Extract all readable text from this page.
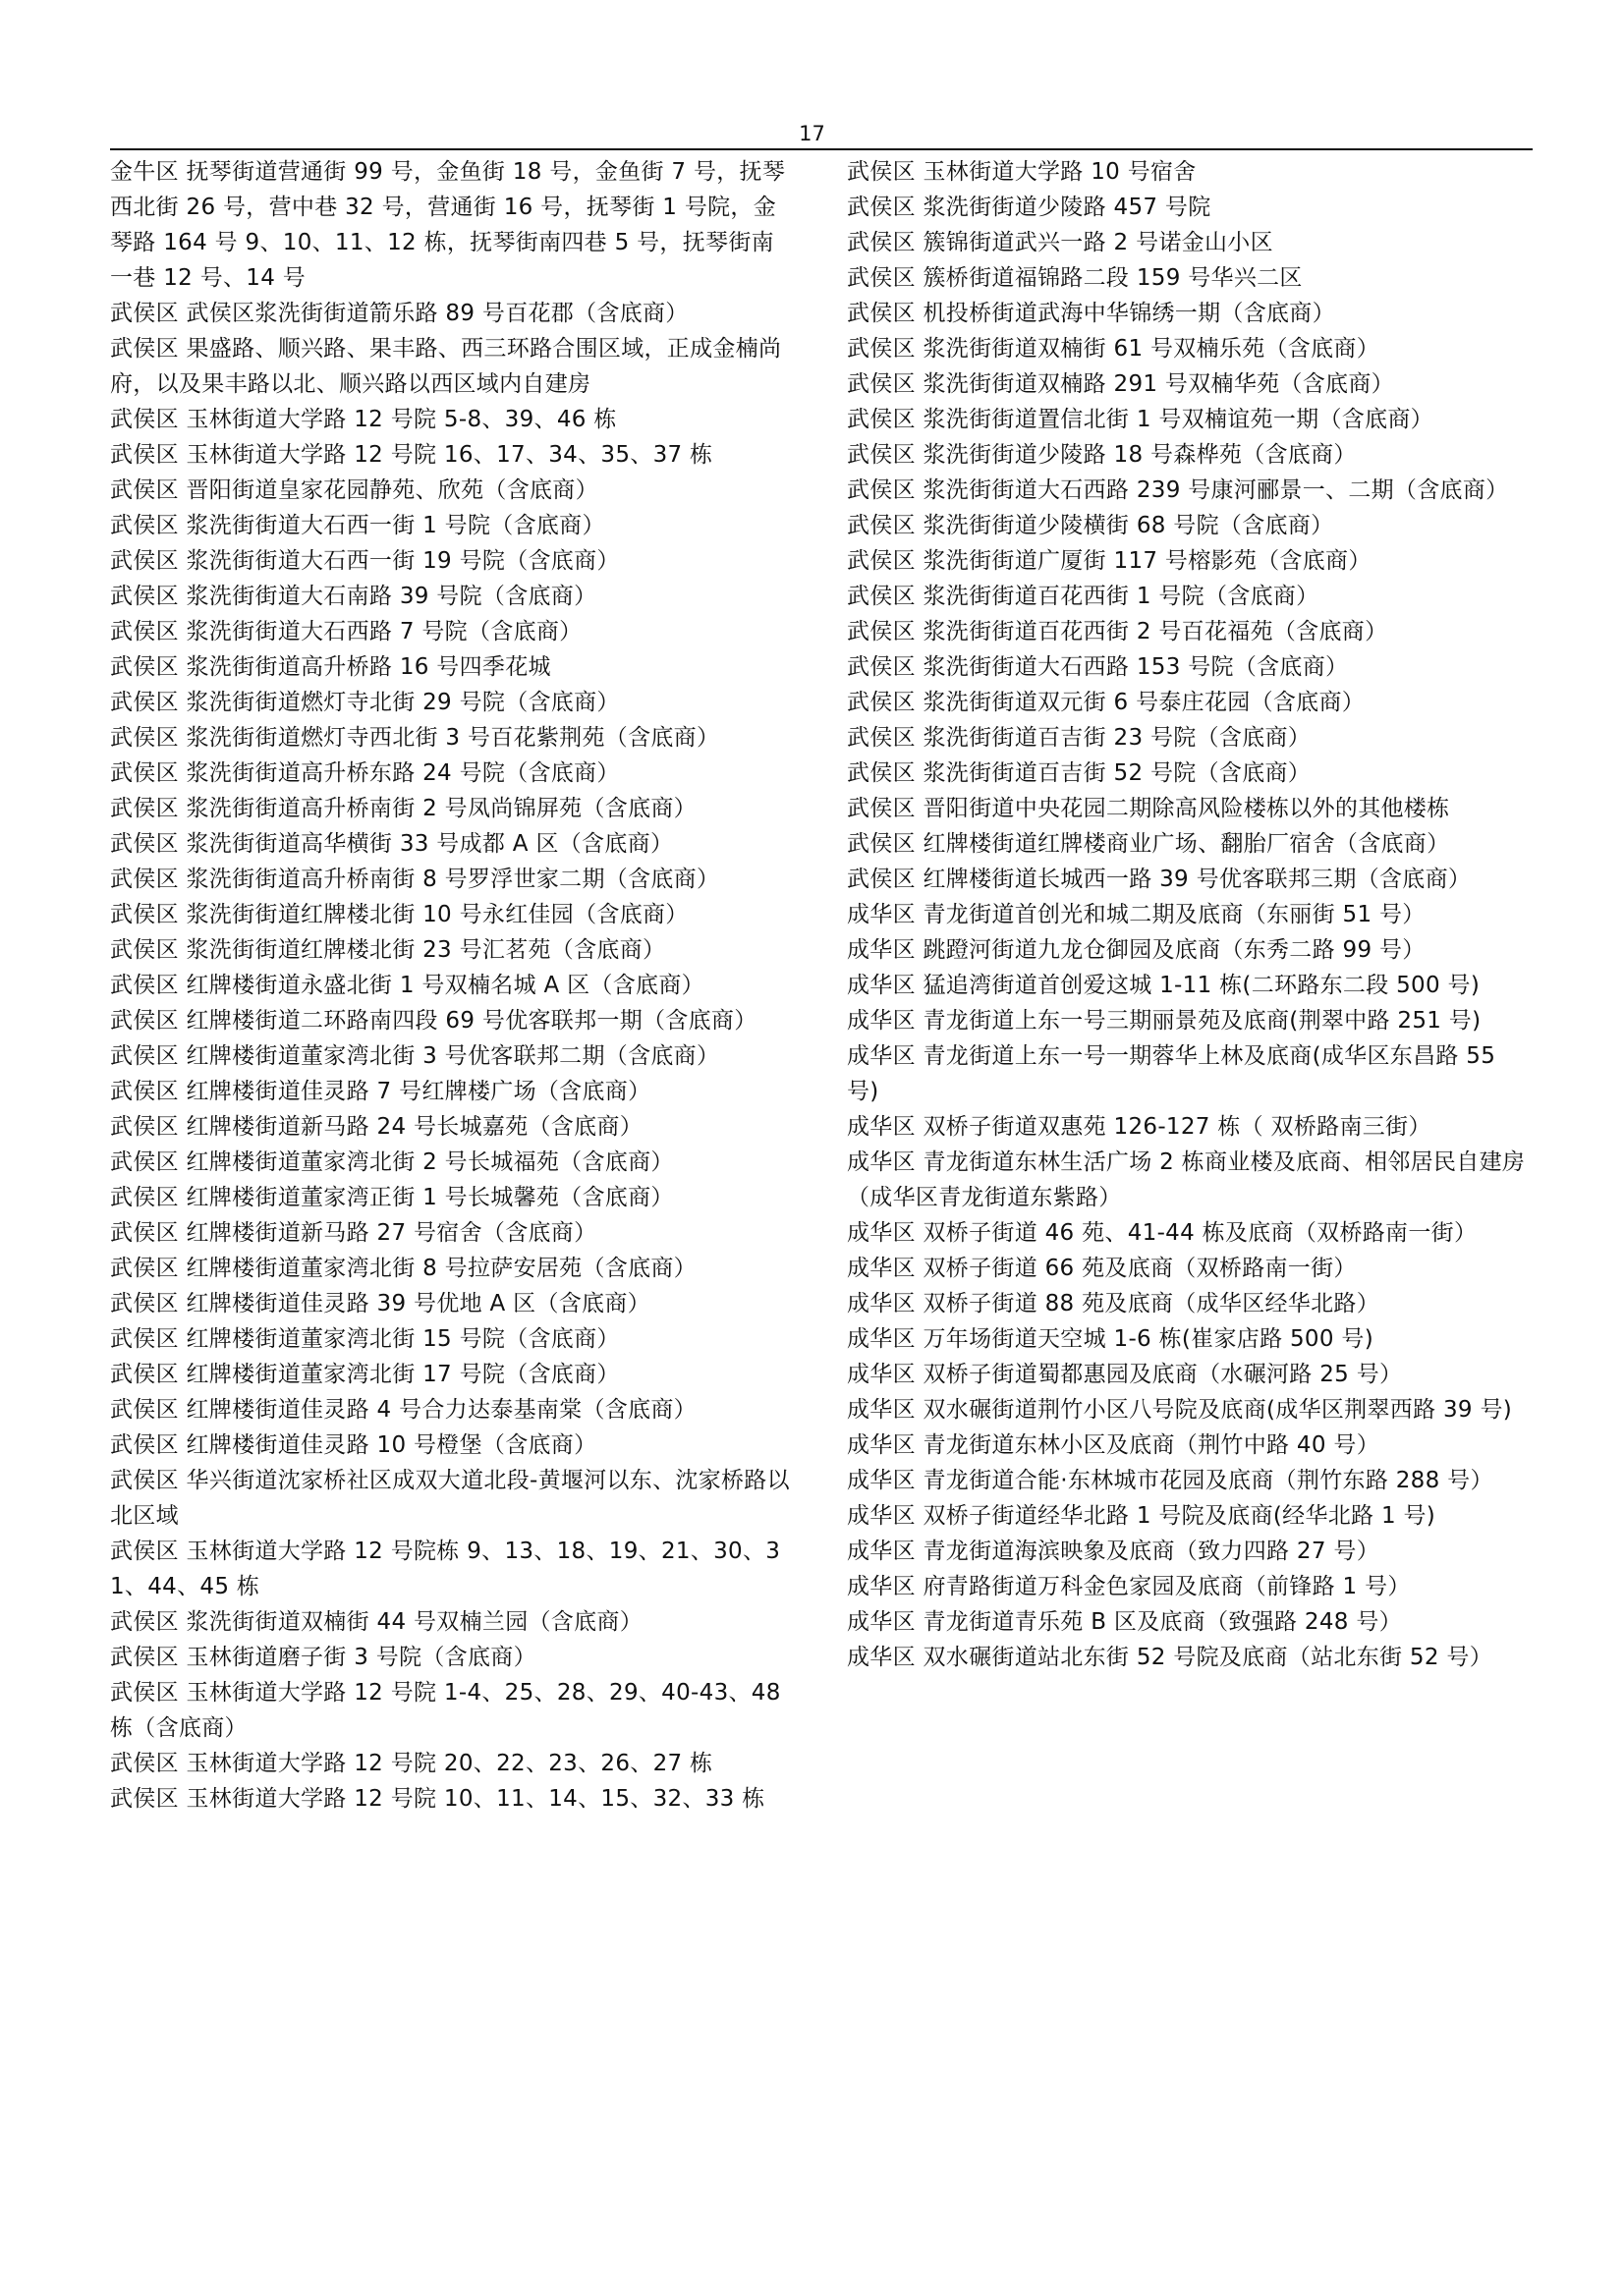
17
金牛区 抚琴街道营通街 99 号，金鱼街 18 号，金鱼街 7 号，抚琴西北街 26 号，营中巷 32 号，营通街 16 号，抚琴街 1 号院，金琴路 164 号 9、10、11、12 栋，抚琴街南四巷 5 号，抚琴街南一巷 12 号、14 号
武侯区 武侯区浆洗街街道箭乐路 89 号百花郡（含底商）
武侯区 果盛路、顺兴路、果丰路、西三环路合围区域，正成金楠尚府，以及果丰路以北、顺兴路以西区域内自建房
武侯区 玉林街道大学路 12 号院 5-8、39、46 栋
武侯区 玉林街道大学路 12 号院 16、17、34、35、37 栋
武侯区 晋阳街道皇家花园静苑、欣苑（含底商）
武侯区 浆洗街街道大石西一街 1 号院（含底商）
武侯区 浆洗街街道大石西一街 19 号院（含底商）
武侯区 浆洗街街道大石南路 39 号院（含底商）
武侯区 浆洗街街道大石西路 7 号院（含底商）
武侯区 浆洗街街道高升桥路 16 号四季花城
武侯区 浆洗街街道燃灯寺北街 29 号院（含底商）
武侯区 浆洗街街道燃灯寺西北街 3 号百花紫荆苑（含底商）
武侯区 浆洗街街道高升桥东路 24 号院（含底商）
武侯区 浆洗街街道高升桥南街 2 号凤尚锦屏苑（含底商）
武侯区 浆洗街街道高华横街 33 号成都 A 区（含底商）
武侯区 浆洗街街道高升桥南街 8 号罗浮世家二期（含底商）
武侯区 浆洗街街道红牌楼北街 10 号永红佳园（含底商）
武侯区 浆洗街街道红牌楼北街 23 号汇茗苑（含底商）
武侯区 红牌楼街道永盛北街 1 号双楠名城 A 区（含底商）
武侯区 红牌楼街道二环路南四段 69 号优客联邦一期（含底商）
武侯区 红牌楼街道董家湾北街 3 号优客联邦二期（含底商）
武侯区 红牌楼街道佳灵路 7 号红牌楼广场（含底商）
武侯区 红牌楼街道新马路 24 号长城嘉苑（含底商）
武侯区 红牌楼街道董家湾北街 2 号长城福苑（含底商）
武侯区 红牌楼街道董家湾正街 1 号长城馨苑（含底商）
武侯区 红牌楼街道新马路 27 号宿舍（含底商）
武侯区 红牌楼街道董家湾北街 8 号拉萨安居苑（含底商）
武侯区 红牌楼街道佳灵路 39 号优地 A 区（含底商）
武侯区 红牌楼街道董家湾北街 15 号院（含底商）
武侯区 红牌楼街道董家湾北街 17 号院（含底商）
武侯区 红牌楼街道佳灵路 4 号合力达泰基南棠（含底商）
武侯区 红牌楼街道佳灵路 10 号橙堡（含底商）
武侯区 华兴街道沈家桥社区成双大道北段-黄堰河以东、沈家桥路以北区域
武侯区 玉林街道大学路 12 号院栋 9、13、18、19、21、30、31、44、45 栋
武侯区 浆洗街街道双楠街 44 号双楠兰园（含底商）
武侯区 玉林街道磨子街 3 号院（含底商）
武侯区 玉林街道大学路 12 号院 1-4、25、28、29、40-43、48 栋（含底商）
武侯区 玉林街道大学路 12 号院 20、22、23、26、27 栋
武侯区 玉林街道大学路 12 号院 10、11、14、15、32、33 栋
武侯区 玉林街道大学路 10 号宿舍
武侯区 浆洗街街道少陵路 457 号院
武侯区 簇锦街道武兴一路 2 号诺金山小区
武侯区 簇桥街道福锦路二段 159 号华兴二区
武侯区 机投桥街道武海中华锦绣一期（含底商）
武侯区 浆洗街街道双楠街 61 号双楠乐苑（含底商）
武侯区 浆洗街街道双楠路 291 号双楠华苑（含底商）
武侯区 浆洗街街道置信北街 1 号双楠谊苑一期（含底商）
武侯区 浆洗街街道少陵路 18 号森桦苑（含底商）
武侯区 浆洗街街道大石西路 239 号康河郦景一、二期（含底商）
武侯区 浆洗街街道少陵横街 68 号院（含底商）
武侯区 浆洗街街道广厦街 117 号榕影苑（含底商）
武侯区 浆洗街街道百花西街 1 号院（含底商）
武侯区 浆洗街街道百花西街 2 号百花福苑（含底商）
武侯区 浆洗街街道大石西路 153 号院（含底商）
武侯区 浆洗街街道双元街 6 号泰庄花园（含底商）
武侯区 浆洗街街道百吉街 23 号院（含底商）
武侯区 浆洗街街道百吉街 52 号院（含底商）
武侯区 晋阳街道中央花园二期除高风险楼栋以外的其他楼栋
武侯区 红牌楼街道红牌楼商业广场、翻胎厂宿舍（含底商）
武侯区 红牌楼街道长城西一路 39 号优客联邦三期（含底商）
成华区 青龙街道首创光和城二期及底商（东丽街 51 号）
成华区 跳蹬河街道九龙仓御园及底商（东秀二路 99 号）
成华区 猛追湾街道首创爱这城 1-11 栋(二环路东二段 500 号)
成华区 青龙街道上东一号三期丽景苑及底商(荆翠中路 251 号)
成华区 青龙街道上东一号一期蓉华上林及底商(成华区东昌路 55 号)
成华区 双桥子街道双惠苑 126-127 栋（ 双桥路南三街）
成华区 青龙街道东林生活广场 2 栋商业楼及底商、相邻居民自建房（成华区青龙街道东紫路）
成华区 双桥子街道 46 苑、41-44 栋及底商（双桥路南一街）
成华区 双桥子街道 66 苑及底商（双桥路南一街）
成华区 双桥子街道 88 苑及底商（成华区经华北路）
成华区 万年场街道天空城 1-6 栋(崔家店路 500 号)
成华区 双桥子街道蜀都惠园及底商（水碾河路 25 号）
成华区 双水碾街道荆竹小区八号院及底商(成华区荆翠西路 39 号)
成华区 青龙街道东林小区及底商（荆竹中路 40 号）
成华区 青龙街道合能·东林城市花园及底商（荆竹东路 288 号）
成华区 双桥子街道经华北路 1 号院及底商(经华北路 1 号)
成华区 青龙街道海滨映象及底商（致力四路 27 号）
成华区 府青路街道万科金色家园及底商（前锋路 1 号）
成华区 青龙街道青乐苑 B 区及底商（致强路 248 号）
成华区 双水碾街道站北东街 52 号院及底商（站北东街 52 号）
